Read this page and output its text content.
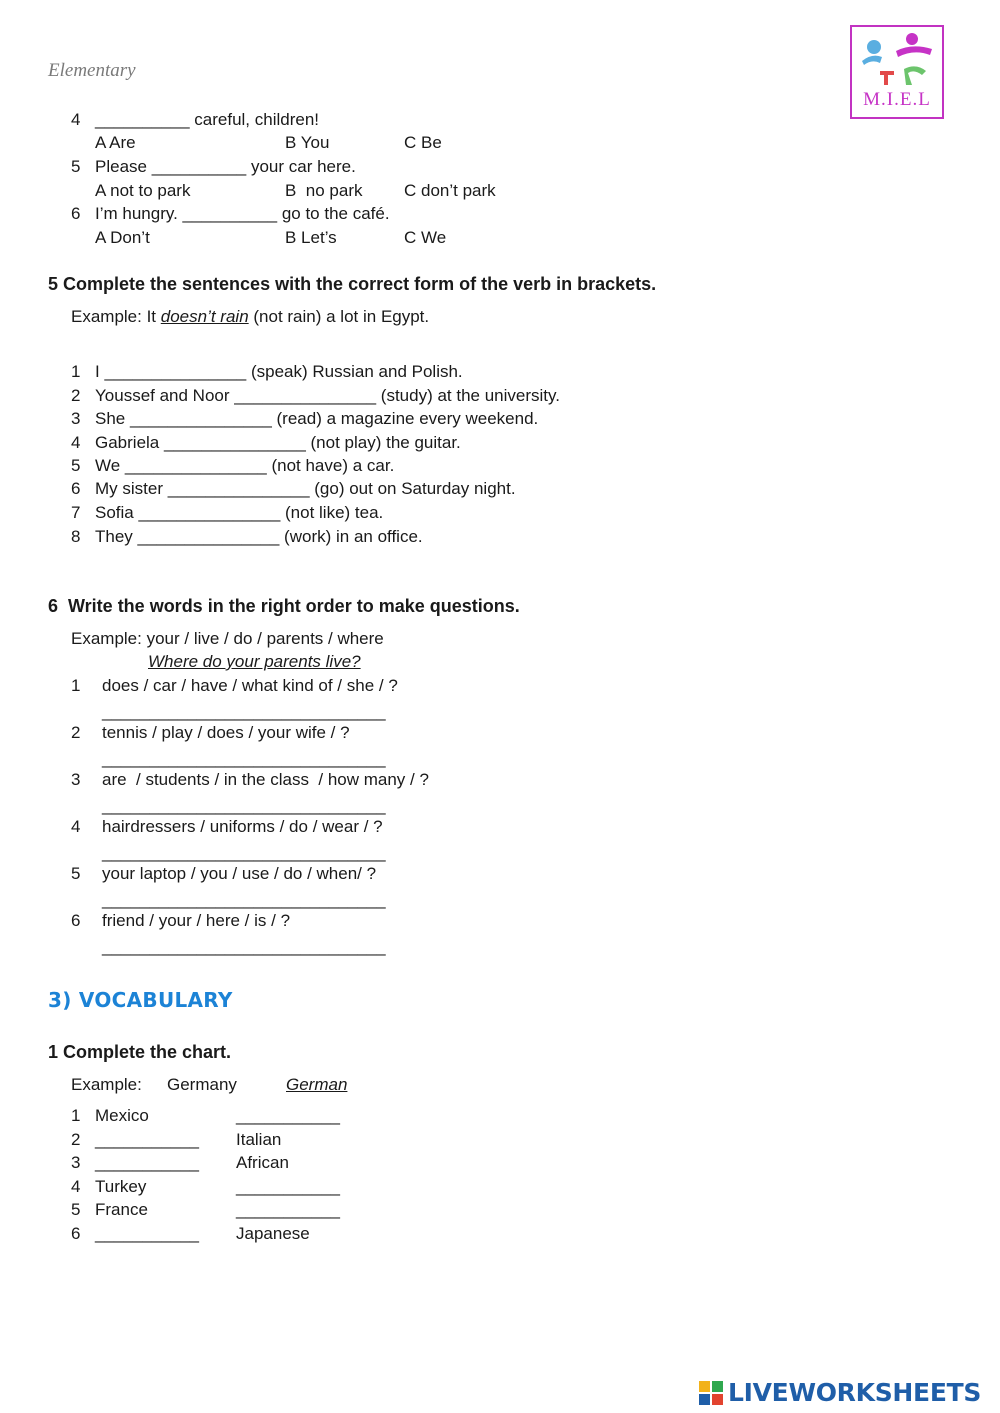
Elementary
M.I.E.L
4 __________ careful, children!
A Are	B You	C Be
5 Please __________ your car here.
A not to park	B  no park C don’t park
6 I’m hungry. __________ go to the café.
A Don’t	B Let’s	C We
5 Complete the sentences with the correct form of the verb in brackets.
Example: It doesn’t rain (not rain) a lot in Egypt.
1 I _______________ (speak) Russian and Polish.
2 Youssef and Noor _______________ (study) at the university.
3 She _______________ (read) a magazine every weekend.
4 Gabriela _______________ (not play) the guitar.
5 We _______________ (not have) a car.
6 My sister _______________ (go) out on Saturday night.
7 Sofia _______________ (not like) tea.
8 They _______________ (work) in an office.
6  Write the words in the right order to make questions.
Example: your / live / do / parents / where
Where do your parents live?
1 does / car / have / what kind of / she / ?
______________________________
2 tennis / play / does / your wife / ?
______________________________
3 are  / students / in the class  / how many / ?
______________________________
4 hairdressers / uniforms / do / wear / ?
______________________________
5 your laptop / you / use / do / when/ ?
______________________________
6 friend / your / here / is / ?
______________________________
3) VOCABULARY
1 Complete the chart.
Example: Germany	German
1 Mexico	___________
2 ___________ Italian
3 ___________ African
4 Turkey	___________
5 France	___________
6 ___________ Japanese
LIVEWORKSHEETS
